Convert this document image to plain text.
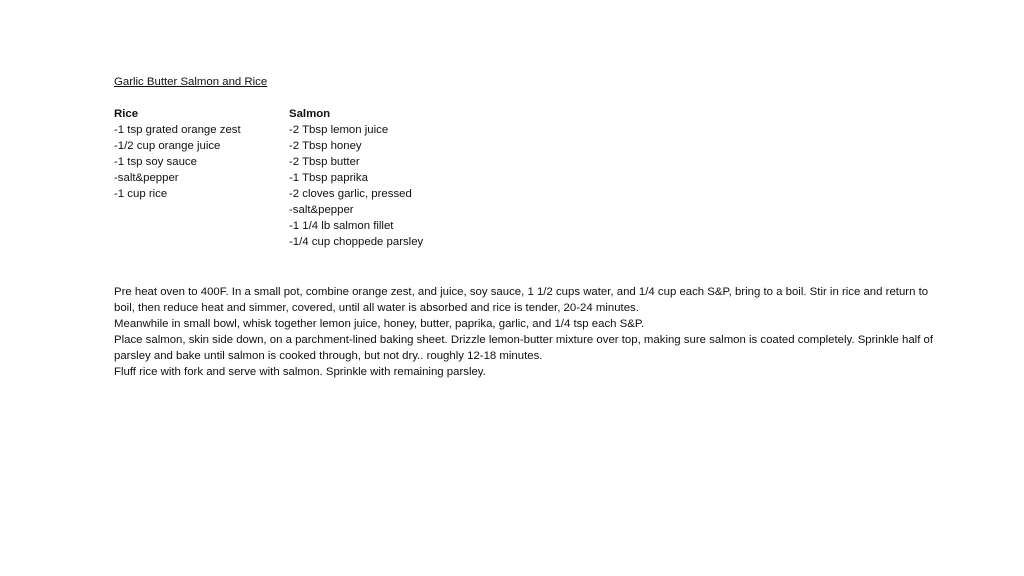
Garlic Butter Salmon and Rice
Rice
-1 tsp grated orange zest
-1/2 cup orange juice
-1 tsp soy sauce
-salt&pepper
-1 cup rice
Salmon
-2 Tbsp lemon juice
-2 Tbsp honey
-2 Tbsp butter
-1 Tbsp paprika
-2 cloves garlic, pressed
-salt&pepper
-1 1/4 lb salmon fillet
-1/4 cup choppede parsley

Pre heat oven to 400F. In a small pot, combine orange zest, and juice, soy sauce, 1 1/2 cups water, and 1/4 cup each S&P, bring to a boil. Stir in rice and return to boil, then reduce heat and simmer, covered, until all water is absorbed and rice is tender, 20-24 minutes.

Meanwhile in small bowl, whisk together lemon juice, honey, butter, paprika, garlic, and 1/4 tsp each S&P.

Place salmon, skin side down, on a parchment-lined baking sheet. Drizzle lemon-butter mixture over top, making sure salmon is coated completely. Sprinkle half of parsley and bake until salmon is cooked through, but not dry.. roughly 12-18 minutes.

Fluff rice with fork and serve with salmon. Sprinkle with remaining parsley.
